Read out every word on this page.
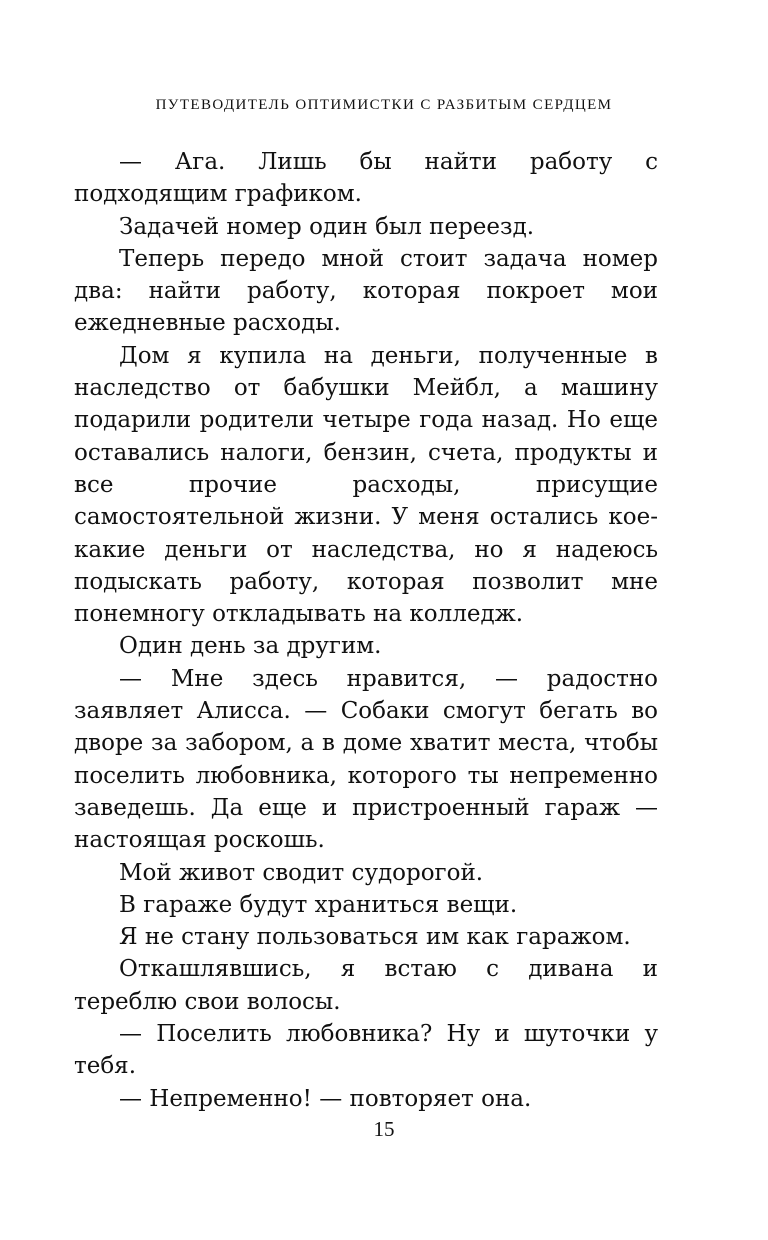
ПУТЕВОДИТЕЛЬ ОПТИМИСТКИ С РАЗБИТЫМ СЕРДЦЕМ

— Ага. Лишь бы найти работу с подходящим графиком.

Задачей номер один был переезд.

Теперь передо мной стоит задача номер два: найти работу, которая покроет мои ежедневные расходы.

Дом я купила на деньги, полученные в наследство от бабушки Мейбл, а машину подарили родители четыре года назад. Но еще оставались налоги, бензин, счета, продукты и все прочие расходы, присущие самостоятельной жизни. У меня остались кое-какие деньги от наследства, но я надеюсь подыскать работу, которая позволит мне понемногу откладывать на колледж.

Один день за другим.

— Мне здесь нравится, — радостно заявляет Алисса. — Собаки смогут бегать во дворе за забором, а в доме хватит места, чтобы поселить любовника, которого ты непременно заведешь. Да еще и пристроенный гараж — настоящая роскошь.

Мой живот сводит судорогой.

В гараже будут храниться вещи.

Я не стану пользоваться им как гаражом.

Откашлявшись, я встаю с дивана и тереблю свои волосы.

— Поселить любовника? Ну и шуточки у тебя.

— Непременно! — повторяет она.

15
